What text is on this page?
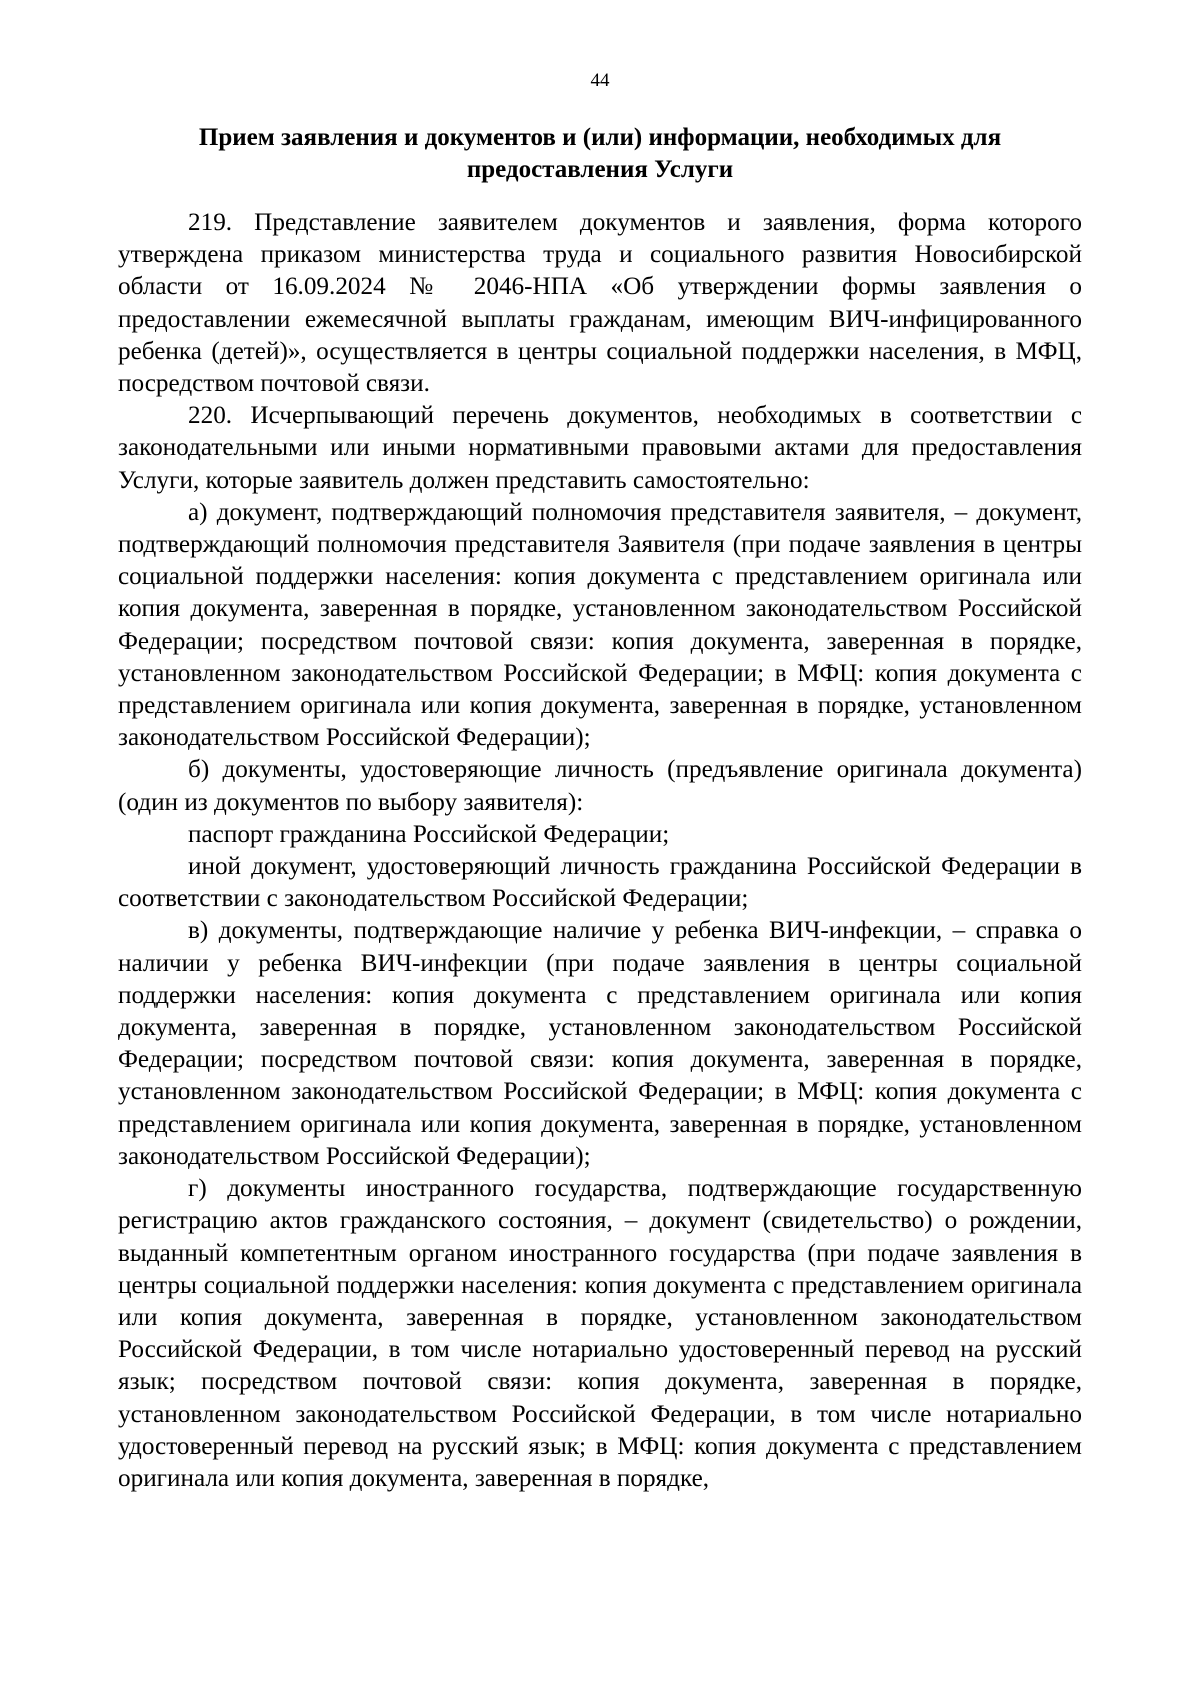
44
Прием заявления и документов и (или) информации, необходимых для
предоставления Услуги

219. Представление заявителем документов и заявления, форма которого утверждена приказом министерства труда и социального развития Новосибирской области от 16.09.2024 № 2046-НПА «Об утверждении формы заявления о предоставлении ежемесячной выплаты гражданам, имеющим ВИЧ-инфицированного ребенка (детей)», осуществляется в центры социальной поддержки населения, в МФЦ, посредством почтовой связи.

220. Исчерпывающий перечень документов, необходимых в соответствии с законодательными или иными нормативными правовыми актами для предоставления Услуги, которые заявитель должен представить самостоятельно:

а) документ, подтверждающий полномочия представителя заявителя, – документ, подтверждающий полномочия представителя Заявителя (при подаче заявления в центры социальной поддержки населения: копия документа с представлением оригинала или копия документа, заверенная в порядке, установленном законодательством Российской Федерации; посредством почтовой связи: копия документа, заверенная в порядке, установленном законодательством Российской Федерации; в МФЦ: копия документа с представлением оригинала или копия документа, заверенная в порядке, установленном законодательством Российской Федерации);

б) документы, удостоверяющие личность (предъявление оригинала документа) (один из документов по выбору заявителя):

паспорт гражданина Российской Федерации;

иной документ, удостоверяющий личность гражданина Российской Федерации в соответствии с законодательством Российской Федерации;

в) документы, подтверждающие наличие у ребенка ВИЧ-инфекции, – справка о наличии у ребенка ВИЧ-инфекции (при подаче заявления в центры социальной поддержки населения: копия документа с представлением оригинала или копия документа, заверенная в порядке, установленном законодательством Российской Федерации; посредством почтовой связи: копия документа, заверенная в порядке, установленном законодательством Российской Федерации; в МФЦ: копия документа с представлением оригинала или копия документа, заверенная в порядке, установленном законодательством Российской Федерации);

г) документы иностранного государства, подтверждающие государственную регистрацию актов гражданского состояния, – документ (свидетельство) о рождении, выданный компетентным органом иностранного государства (при подаче заявления в центры социальной поддержки населения: копия документа с представлением оригинала или копия документа, заверенная в порядке, установленном законодательством Российской Федерации, в том числе нотариально удостоверенный перевод на русский язык; посредством почтовой связи: копия документа, заверенная в порядке, установленном законодательством Российской Федерации, в том числе нотариально удостоверенный перевод на русский язык; в МФЦ: копия документа с представлением оригинала или копия документа, заверенная в порядке,
